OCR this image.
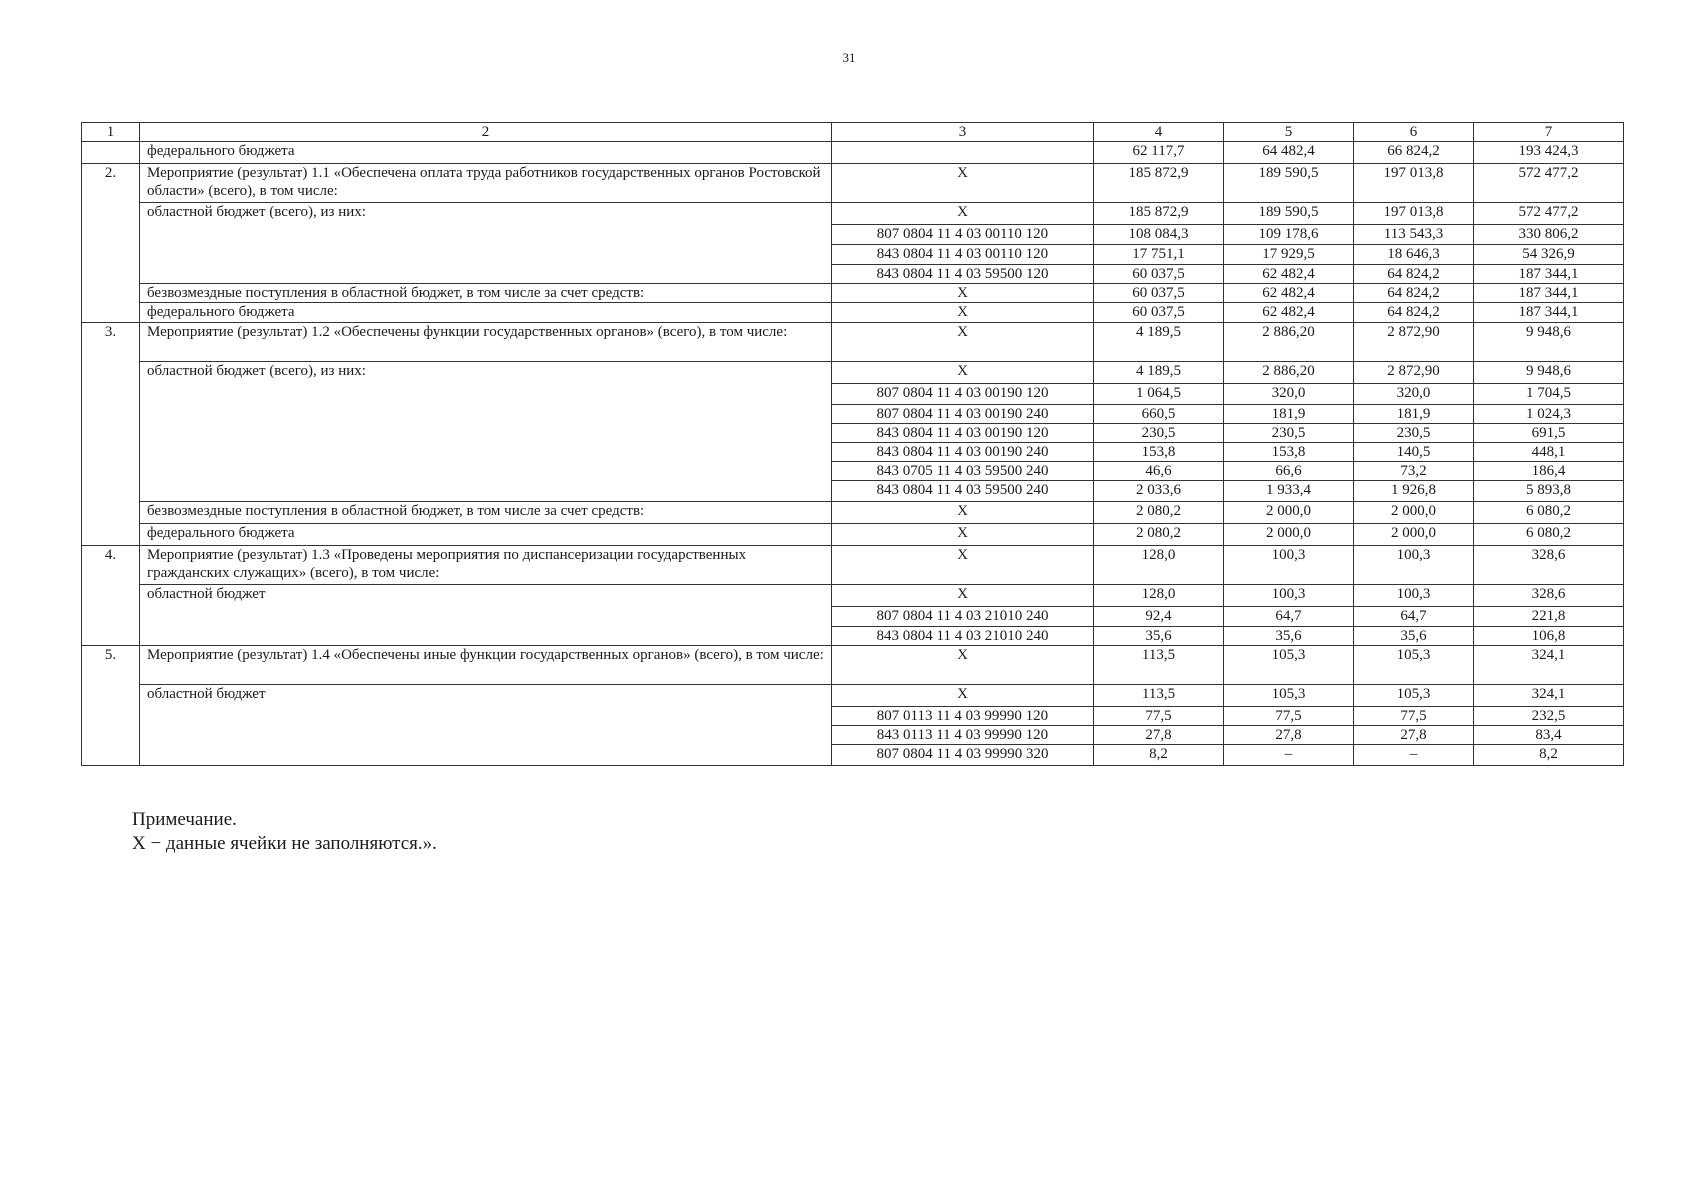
31
1	2	3	4	5	6	7
	федерального бюджета		62 117,7	64 482,4	66 824,2	193 424,3
2.	Мероприятие (результат) 1.1 «Обеспечена оплата труда работников государственных органов Ростовской области» (всего), в том числе:	Х	185 872,9	189 590,5	197 013,8	572 477,2
	областной бюджет (всего), из них:	Х	185 872,9	189 590,5	197 013,8	572 477,2
		807 0804 11 4 03 00110 120	108 084,3	109 178,6	113 543,3	330 806,2
		843 0804 11 4 03 00110 120	17 751,1	17 929,5	18 646,3	54 326,9
		843 0804 11 4 03 59500 120	60 037,5	62 482,4	64 824,2	187 344,1
	безвозмездные поступления в областной бюджет, в том числе за счет средств:	Х	60 037,5	62 482,4	64 824,2	187 344,1
	федерального бюджета	Х	60 037,5	62 482,4	64 824,2	187 344,1
3.	Мероприятие (результат) 1.2 «Обеспечены функции государственных органов» (всего), в том числе:	Х	4 189,5	2 886,20	2 872,90	9 948,6
	областной бюджет (всего), из них:	Х	4 189,5	2 886,20	2 872,90	9 948,6
		807 0804 11 4 03 00190 120	1 064,5	320,0	320,0	1 704,5
		807 0804 11 4 03 00190 240	660,5	181,9	181,9	1 024,3
		843 0804 11 4 03 00190 120	230,5	230,5	230,5	691,5
		843 0804 11 4 03 00190 240	153,8	153,8	140,5	448,1
		843 0705 11 4 03 59500 240	46,6	66,6	73,2	186,4
		843 0804 11 4 03 59500 240	2 033,6	1 933,4	1 926,8	5 893,8
	безвозмездные поступления в областной бюджет, в том числе за счет средств:	Х	2 080,2	2 000,0	2 000,0	6 080,2
	федерального бюджета	Х	2 080,2	2 000,0	2 000,0	6 080,2
4.	Мероприятие (результат) 1.3 «Проведены мероприятия по диспансеризации государственных гражданских служащих» (всего), в том числе:	Х	128,0	100,3	100,3	328,6
	областной бюджет	Х	128,0	100,3	100,3	328,6
		807 0804 11 4 03 21010 240	92,4	64,7	64,7	221,8
		843 0804 11 4 03 21010 240	35,6	35,6	35,6	106,8
5.	Мероприятие (результат) 1.4 «Обеспечены иные функции государственных органов» (всего), в том числе:	Х	113,5	105,3	105,3	324,1
	областной бюджет	Х	113,5	105,3	105,3	324,1
		807 0113 11 4 03 99990 120	77,5	77,5	77,5	232,5
		843 0113 11 4 03 99990 120	27,8	27,8	27,8	83,4
		807 0804 11 4 03 99990 320	8,2	–	–	8,2
Примечание.
Х − данные ячейки не заполняются.».
